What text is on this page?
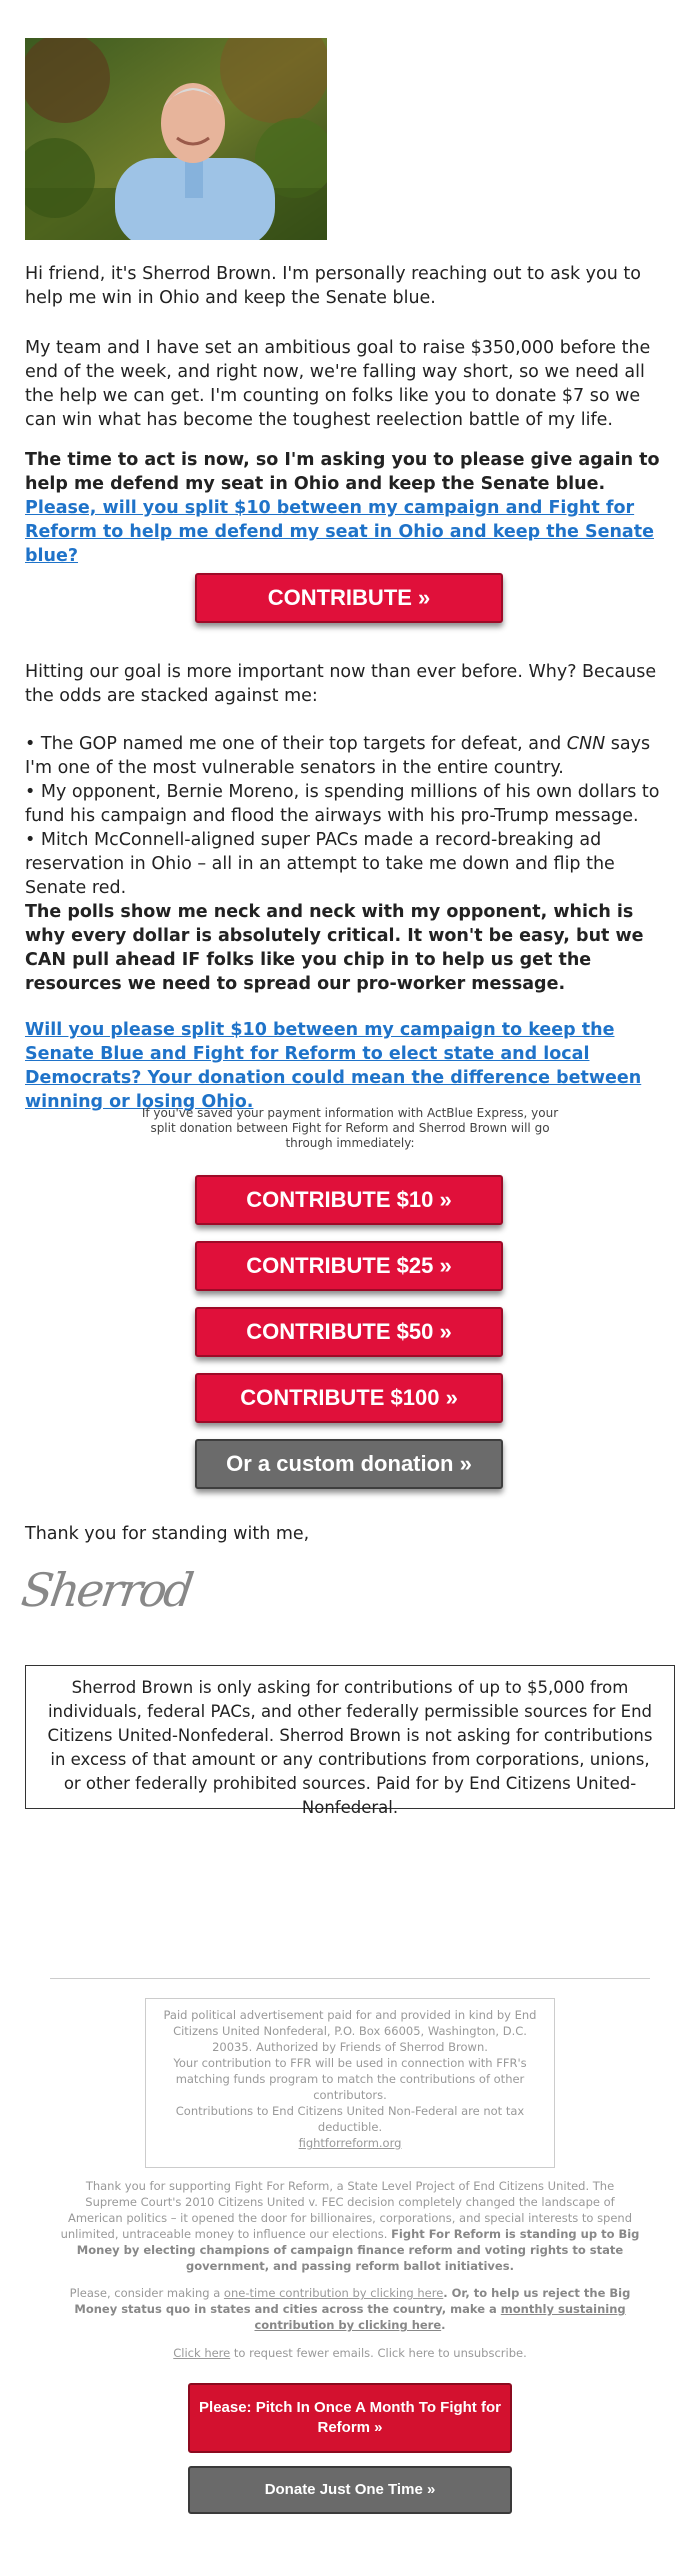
Hi friend, it's Sherrod Brown. I'm personally reaching out to ask you to help me win in Ohio and keep the Senate blue.

My team and I have set an ambitious goal to raise $350,000 before the end of the week, and right now, we're falling way short, so we need all the help we can get. I'm counting on folks like you to donate $7 so we can win what has become the toughest reelection battle of my life.

The time to act is now, so I'm asking you to please give again to help me defend my seat in Ohio and keep the Senate blue. Please, will you split $10 between my campaign and Fight for Reform to help me defend my seat in Ohio and keep the Senate blue?

CONTRIBUTE »

Hitting our goal is more important now than ever before. Why? Because the odds are stacked against me:

• The GOP named me one of their top targets for defeat, and CNN says I'm one of the most vulnerable senators in the entire country.

• My opponent, Bernie Moreno, is spending millions of his own dollars to fund his campaign and flood the airways with his pro-Trump message.

• Mitch McConnell-aligned super PACs made a record-breaking ad reservation in Ohio – all in an attempt to take me down and flip the Senate red.

The polls show me neck and neck with my opponent, which is why every dollar is absolutely critical. It won't be easy, but we CAN pull ahead IF folks like you chip in to help us get the resources we need to spread our pro-worker message.

Will you please split $10 between my campaign to keep the Senate Blue and Fight for Reform to elect state and local Democrats? Your donation could mean the difference between winning or losing Ohio.

If you've saved your payment information with ActBlue Express, your split donation between Fight for Reform and Sherrod Brown will go through immediately:
CONTRIBUTE $10 »
CONTRIBUTE $25 »
CONTRIBUTE $50 »
CONTRIBUTE $100 »
Or a custom donation »

Thank you for standing with me,

Sherrod
Sherrod Brown is only asking for contributions of up to $5,000 from individuals, federal PACs, and other federally permissible sources for End Citizens United-Nonfederal. Sherrod Brown is not asking for contributions in excess of that amount or any contributions from corporations, unions, or other federally prohibited sources. Paid for by End Citizens United-Nonfederal.
Paid political advertisement paid for and provided in kind by End Citizens United Nonfederal, P.O. Box 66005, Washington, D.C. 20035. Authorized by Friends of Sherrod Brown.
Your contribution to FFR will be used in connection with FFR's matching funds program to match the contributions of other contributors.
Contributions to End Citizens United Non-Federal are not tax deductible.
fightforreform.org

Thank you for supporting Fight For Reform, a State Level Project of End Citizens United. The Supreme Court's 2010 Citizens United v. FEC decision completely changed the landscape of American politics – it opened the door for billionaires, corporations, and special interests to spend unlimited, untraceable money to influence our elections. Fight For Reform is standing up to Big Money by electing champions of campaign finance reform and voting rights to state government, and passing reform ballot initiatives.

Please, consider making a one-time contribution by clicking here. Or, to help us reject the Big Money status quo in states and cities across the country, make a monthly sustaining contribution by clicking here.

Click here to request fewer emails. Click here to unsubscribe.

Please: Pitch In Once A Month To Fight for Reform »
Donate Just One Time »
